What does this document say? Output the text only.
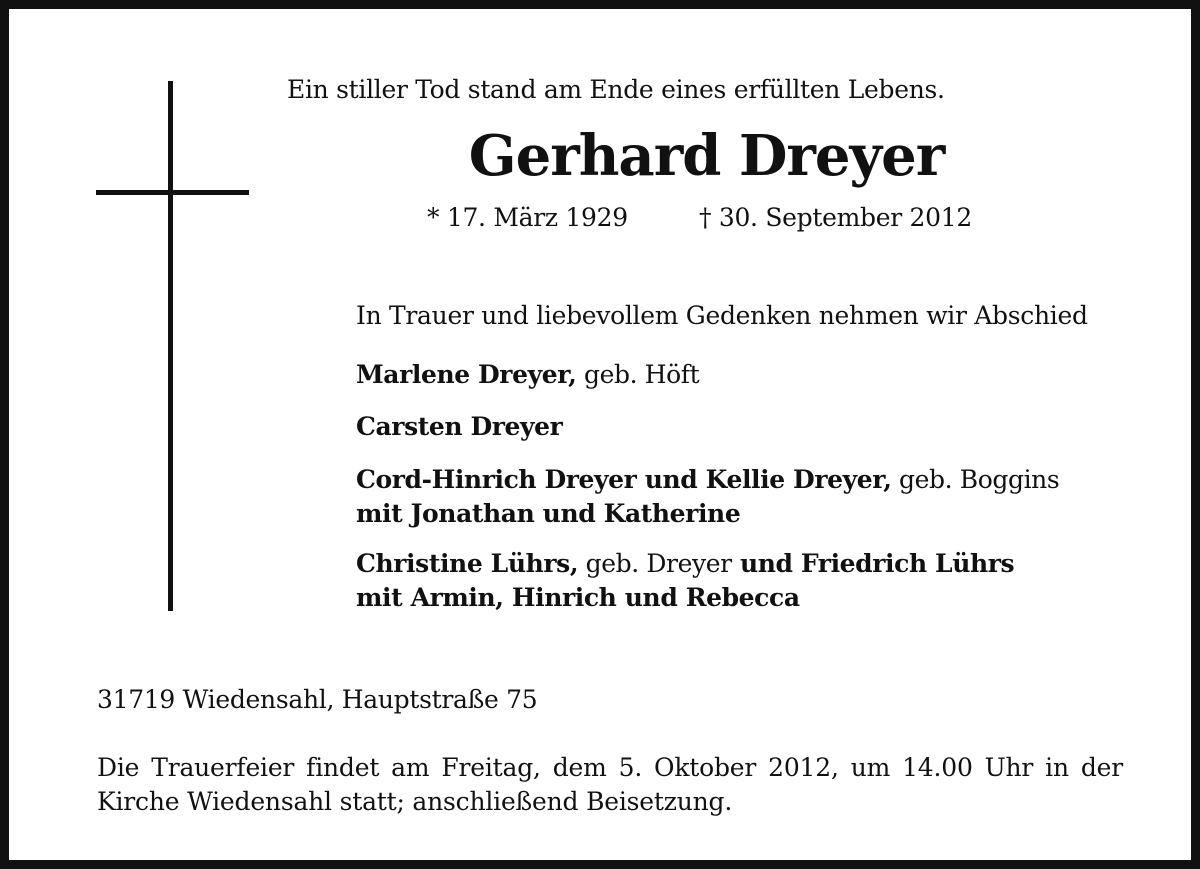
Ein stiller Tod stand am Ende eines erfüllten Lebens.
Gerhard Dreyer
* 17. März 1929	† 30. September 2012
In Trauer und liebevollem Gedenken nehmen wir Abschied
Marlene Dreyer, geb. Höft
Carsten Dreyer
Cord-Hinrich Dreyer und Kellie Dreyer, geb. Boggins
mit Jonathan und Katherine
Christine Lührs, geb. Dreyer und Friedrich Lührs
mit Armin, Hinrich und Rebecca
31719 Wiedensahl, Hauptstraße 75
Die Trauerfeier findet am Freitag, dem 5. Oktober 2012, um 14.00 Uhr in der Kirche Wiedensahl statt; anschließend Beisetzung.
